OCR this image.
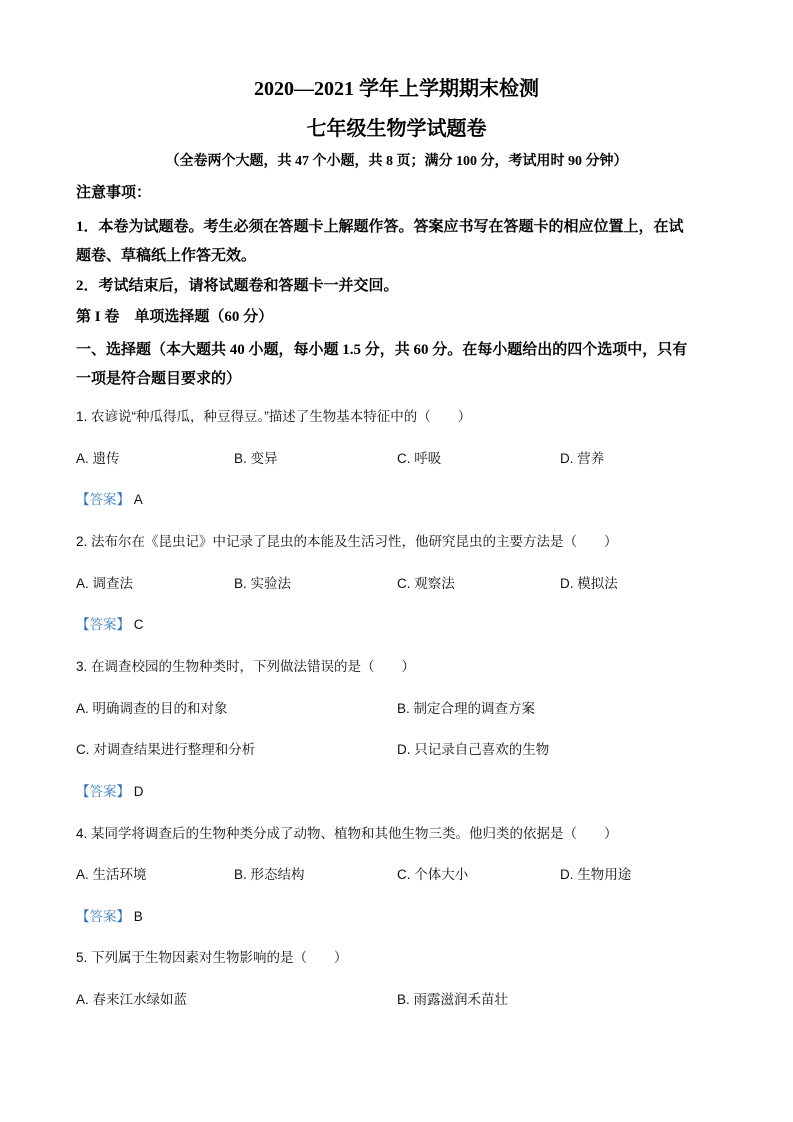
2020—2021 学年上学期期末检测
七年级生物学试题卷
（全卷两个大题，共 47 个小题，共 8 页；满分 100 分，考试用时 90 分钟）
注意事项：
1．本卷为试题卷。考生必须在答题卡上解题作答。答案应书写在答题卡的相应位置上，在试
题卷、草稿纸上作答无效。
2．考试结束后，请将试题卷和答题卡一并交回。
第 I 卷　单项选择题（60 分）
一、选择题（本大题共 40 小题，每小题 1.5 分，共 60 分。在每小题给出的四个选项中，只有
一项是符合题目要求的）
1. 农谚说“种瓜得瓜，种豆得豆。”描述了生物基本特征中的（　　）
A. 遗传	B. 变异	C. 呼吸	D. 营养
【答案】 A
2. 法布尔在《昆虫记》中记录了昆虫的本能及生活习性，他研究昆虫的主要方法是（　　）
A. 调查法	B. 实验法	C. 观察法	D. 模拟法
【答案】 C
3. 在调查校园的生物种类时，下列做法错误的是（　　）
A. 明确调查的目的和对象	B. 制定合理的调查方案
C. 对调查结果进行整理和分析	D. 只记录自己喜欢的生物
【答案】 D
4. 某同学将调查后的生物种类分成了动物、植物和其他生物三类。他归类的依据是（　　）
A. 生活环境	B. 形态结构	C. 个体大小	D. 生物用途
【答案】 B
5. 下列属于生物因素对生物影响的是（　　）
A. 春来江水绿如蓝	B. 雨露滋润禾苗壮
